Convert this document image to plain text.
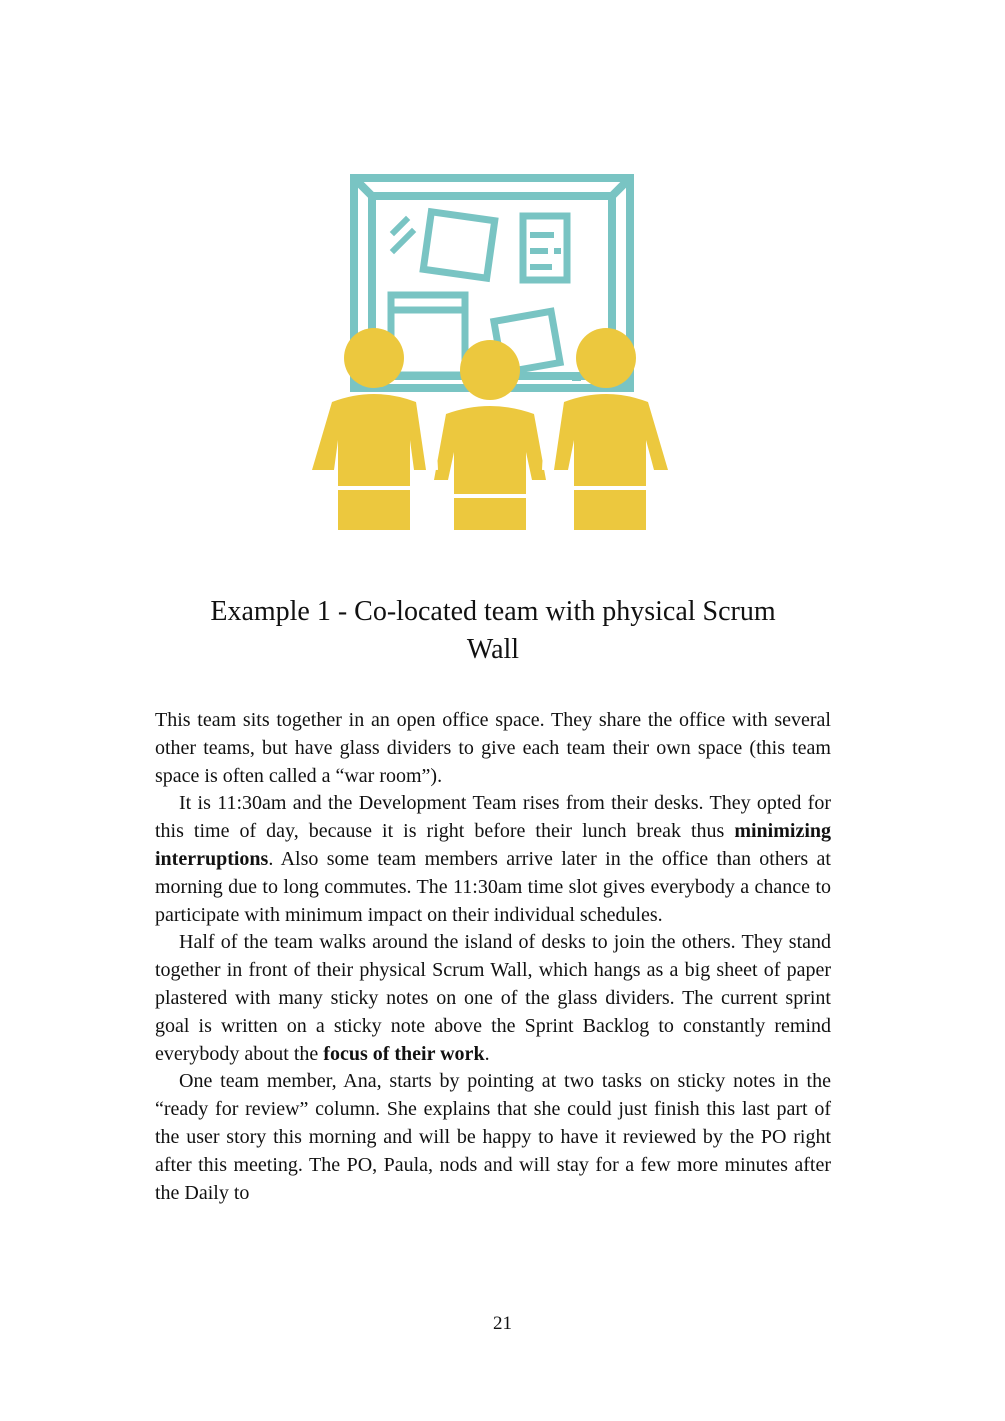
Example 1 - Co-located team with physical Scrum
Wall

This team sits together in an open office space. They share the office with several other teams, but have glass dividers to give each team their own space (this team space is often called a “war room”).

It is 11:30am and the Development Team rises from their desks. They opted for this time of day, because it is right before their lunch break thus minimizing interruptions. Also some team members arrive later in the office than others at morning due to long commutes. The 11:30am time slot gives everybody a chance to participate with minimum impact on their individual schedules.

Half of the team walks around the island of desks to join the others. They stand together in front of their physical Scrum Wall, which hangs as a big sheet of paper plastered with many sticky notes on one of the glass dividers. The current sprint goal is written on a sticky note above the Sprint Backlog to constantly remind everybody about the focus of their work.

One team member, Ana, starts by pointing at two tasks on sticky notes in the “ready for review” column. She explains that she could just finish this last part of the user story this morning and will be happy to have it reviewed by the PO right after this meeting. The PO, Paula, nods and will stay for a few more minutes after the Daily to

21
